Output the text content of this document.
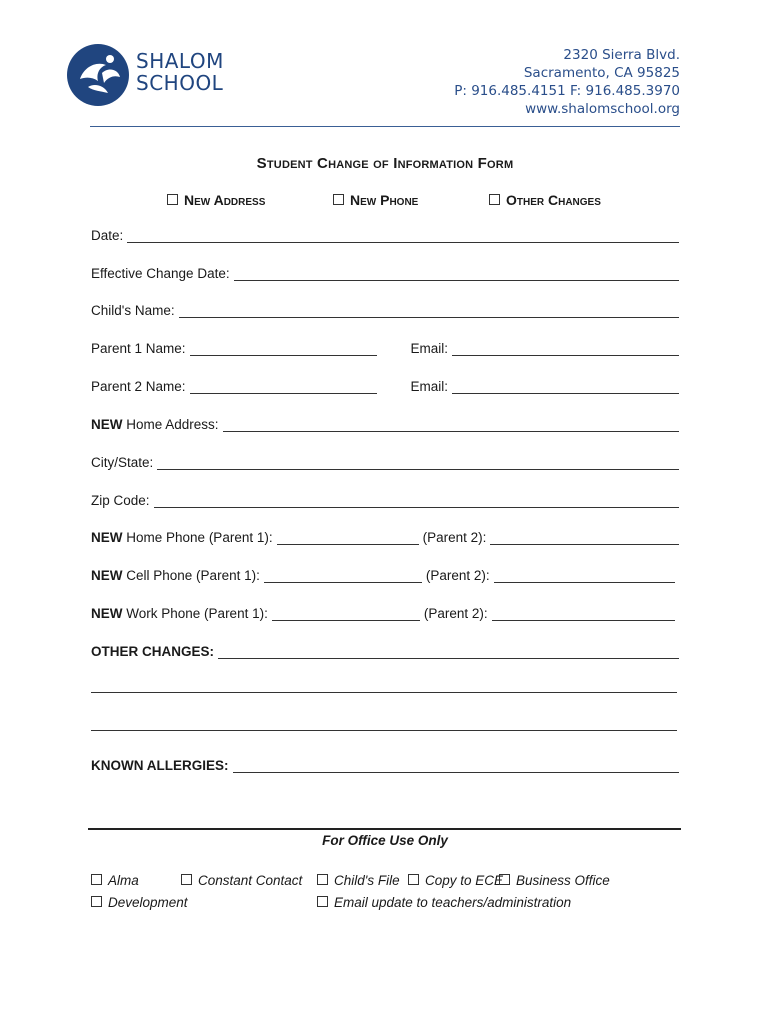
SHALOM
SCHOOL
2320 Sierra Blvd.
Sacramento, CA 95825
P: 916.485.4151 F: 916.485.3970
www.shalomschool.org
Student Change of Information Form
New Address	New Phone	Other Changes
Date:
Effective Change Date:
Child's Name:
Parent 1 Name:	Email:
Parent 2 Name:	Email:
NEW Home Address:
City/State:
Zip Code:
NEW Home Phone (Parent 1):	(Parent 2):
NEW Cell Phone (Parent 1):	(Parent 2):
NEW Work Phone (Parent 1):	(Parent 2):
OTHER CHANGES:
KNOWN ALLERGIES:
For Office Use Only
Alma	Constant Contact	Child's File	Copy to ECE Business Office
Development	Email update to teachers/administration
